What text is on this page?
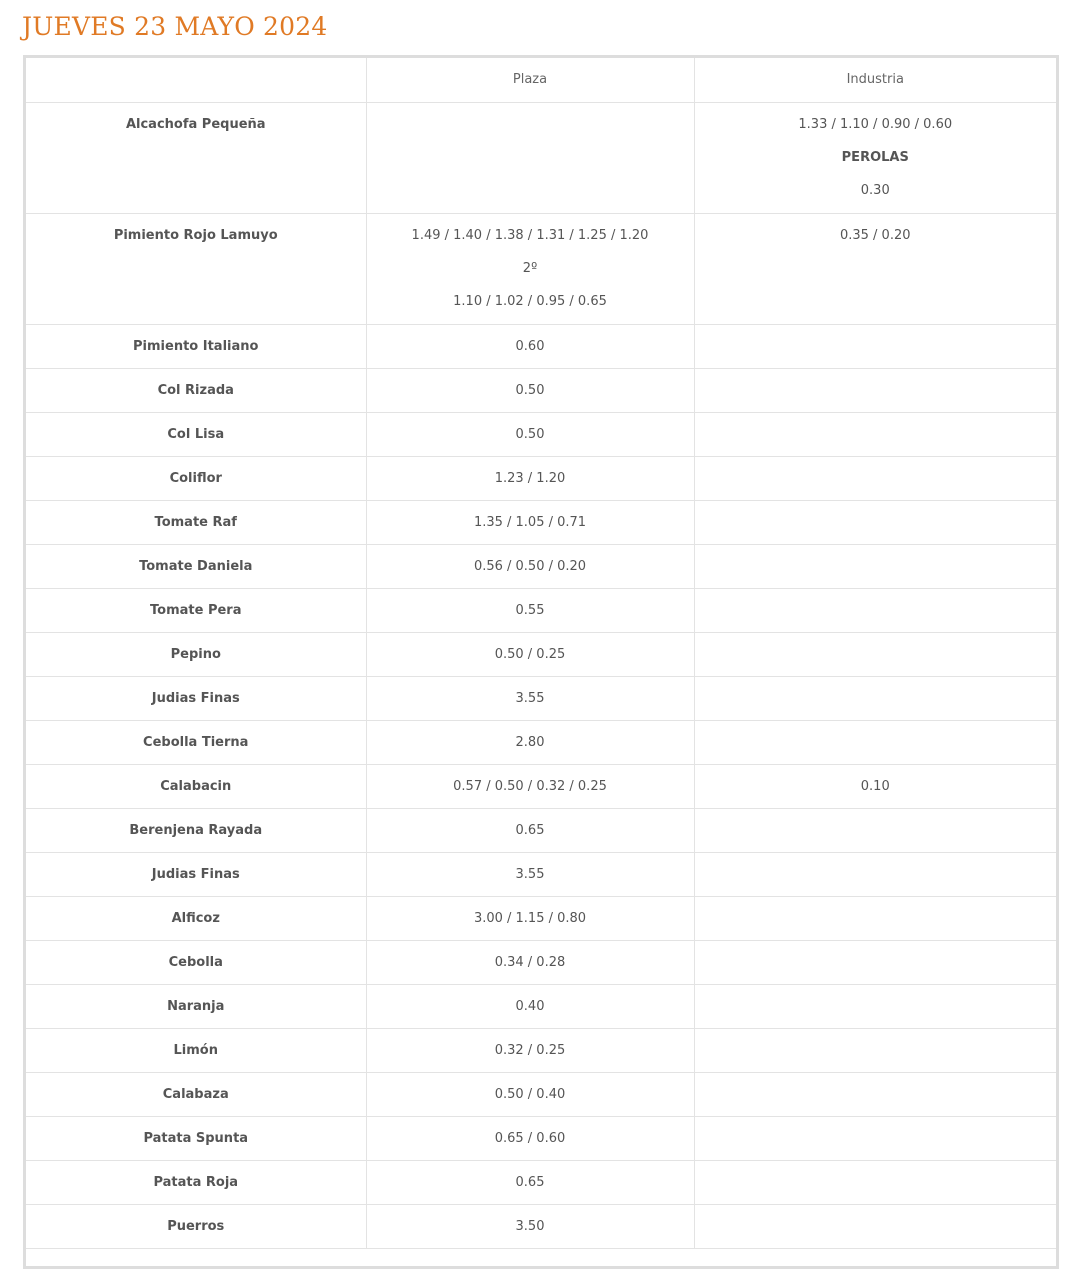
JUEVES 23 MAYO 2024

	Plaza	Industria

Alcachofa Pequeña		1.33 / 1.10 / 0.90 / 0.60
PEROLAS
0.30

Pimiento Rojo Lamuyo	1.49 / 1.40 / 1.38 / 1.31 / 1.25 / 1.20
2º
1.10 / 1.02 / 0.95 / 0.65	0.35 / 0.20

Pimiento Italiano	0.60	

Col Rizada	0.50	

Col Lisa	0.50	

Coliflor	1.23 / 1.20	

Tomate Raf	1.35 / 1.05 / 0.71	

Tomate Daniela	0.56 / 0.50 / 0.20	

Tomate Pera	0.55	

Pepino	0.50 / 0.25	

Judias Finas	3.55	

Cebolla Tierna	2.80	

Calabacin	0.57 / 0.50 / 0.32 / 0.25	0.10

Berenjena Rayada	0.65	

Judias Finas	3.55	

Alficoz	3.00 / 1.15 / 0.80	

Cebolla	0.34 / 0.28	

Naranja	0.40	

Limón	0.32 / 0.25	

Calabaza	0.50 / 0.40	

Patata Spunta	0.65 / 0.60	

Patata Roja	0.65	

Puerros	3.50	
